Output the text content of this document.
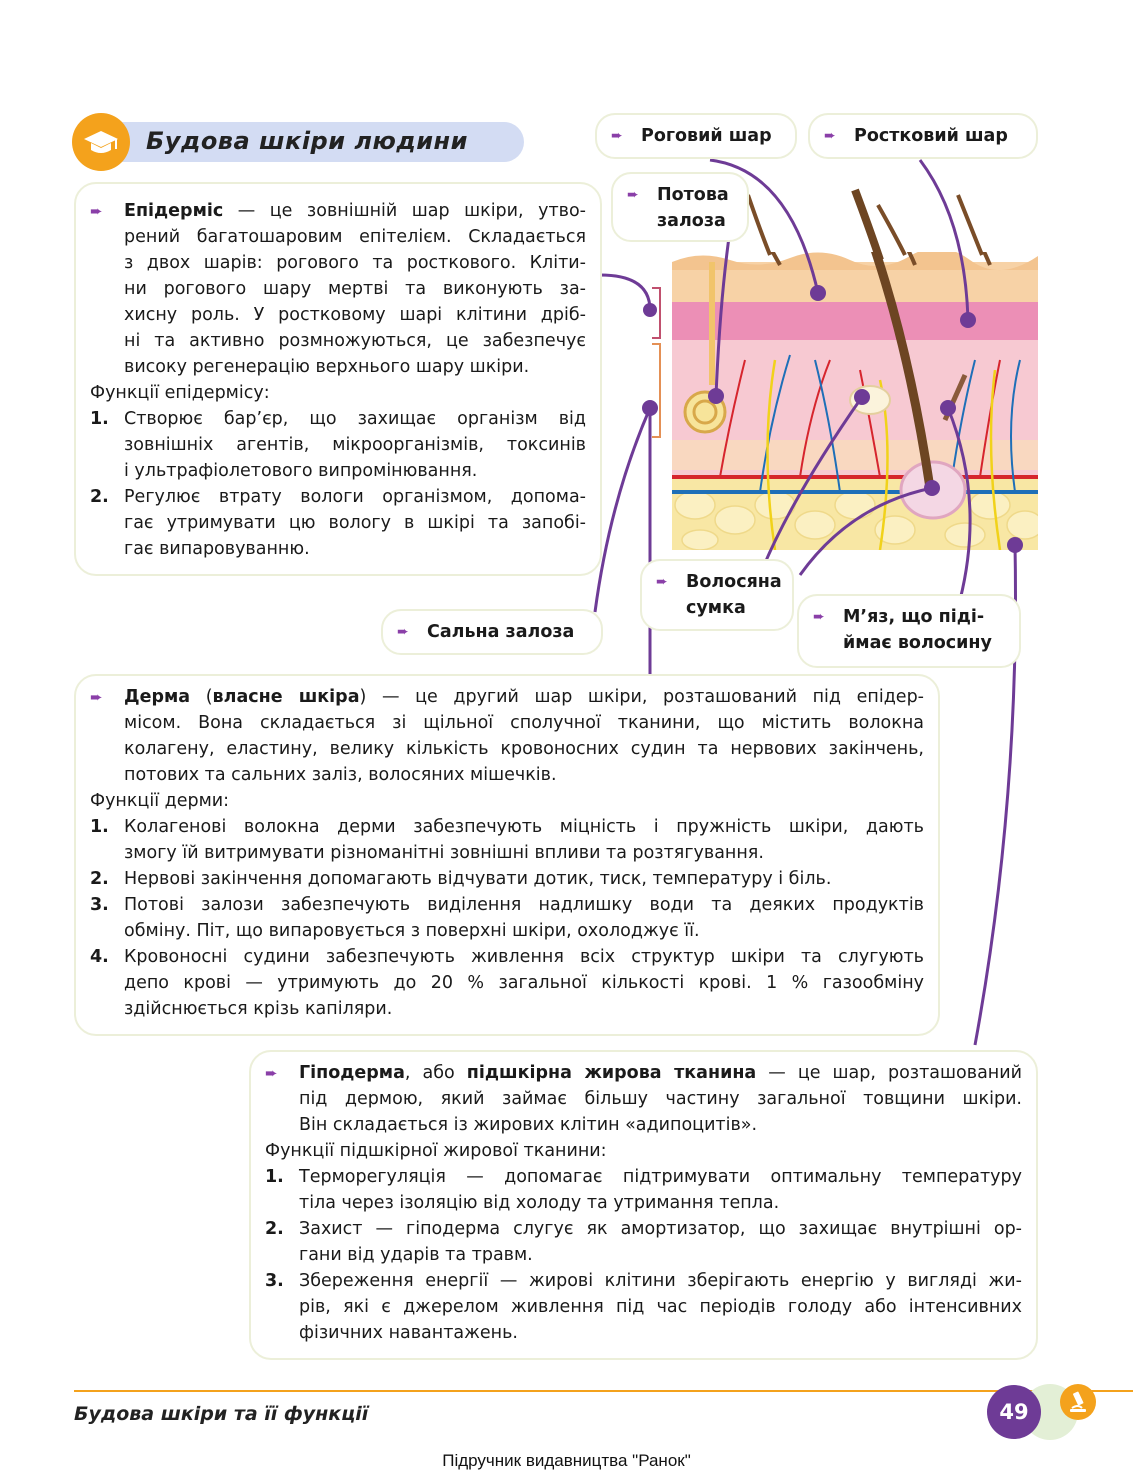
Будова шкіри людини	➨	Роговий шар	➨	Ростковий шар
➨	Потова
залоза
➨	Волосяна
сумка
➨	Сальна залоза
➨	М’яз, що піді-
ймає волосину
➨	Епідерміс — це зовнішній шар шкіри, утво-
рений багатошаровим епітелієм. Складається
з двох шарів: рогового та росткового. Кліти-
ни рогового шару мертві та виконують за-
хисну роль. У ростковому шарі клітини дріб-
ні та активно розмножуються, це забезпечує
високу регенерацію верхнього шару шкіри.
Функції епідермісу:
1. Створює бар’єр, що захищає організм від
зовнішніх агентів, мікроорганізмів, токсинів
і ультрафіолетового випромінювання.
2. Регулює втрату вологи організмом, допома-
гає утримувати цю вологу в шкірі та запобі-
гає випаровуванню.
➨	Дерма (власне шкіра) — це другий шар шкіри, розташований під епідер-
місом. Вона складається зі щільної сполучної тканини, що містить волокна
колагену, еластину, велику кількість кровоносних судин та нервових закінчень,
потових та сальних заліз, волосяних мішечків.
Функції дерми:
1. Колагенові волокна дерми забезпечують міцність і пружність шкіри, дають
змогу їй витримувати різноманітні зовнішні впливи та розтягування.
2. Нервові закінчення допомагають відчувати дотик, тиск, температуру і біль.
3. Потові залози забезпечують виділення надлишку води та деяких продуктів
обміну. Піт, що випаровується з поверхні шкіри, охолоджує її.
4. Кровоносні судини забезпечують живлення всіх структур шкіри та слугують
депо крові — утримують до 20 % загальної кількості крові. 1 % газообміну
здійснюється крізь капіляри.
➨	Гіподерма, або підшкірна жирова тканина — це шар, розташований
під дермою, який займає більшу частину загальної товщини шкіри.
Він складається із жирових клітин «адипоцитів».
Функції підшкірної жирової тканини:
1. Терморегуляція — допомагає підтримувати оптимальну температуру
тіла через ізоляцію від холоду та утримання тепла.
2. Захист — гіподерма слугує як амортизатор, що захищає внутрішні ор-
гани від ударів та травм.
3. Збереження енергії — жирові клітини зберігають енергію у вигляді жи-
рів, які є джерелом живлення під час періодів голоду або інтенсивних
фізичних навантажень.
Будова шкіри та її функції	49
Підручник видавництва "Ранок"
